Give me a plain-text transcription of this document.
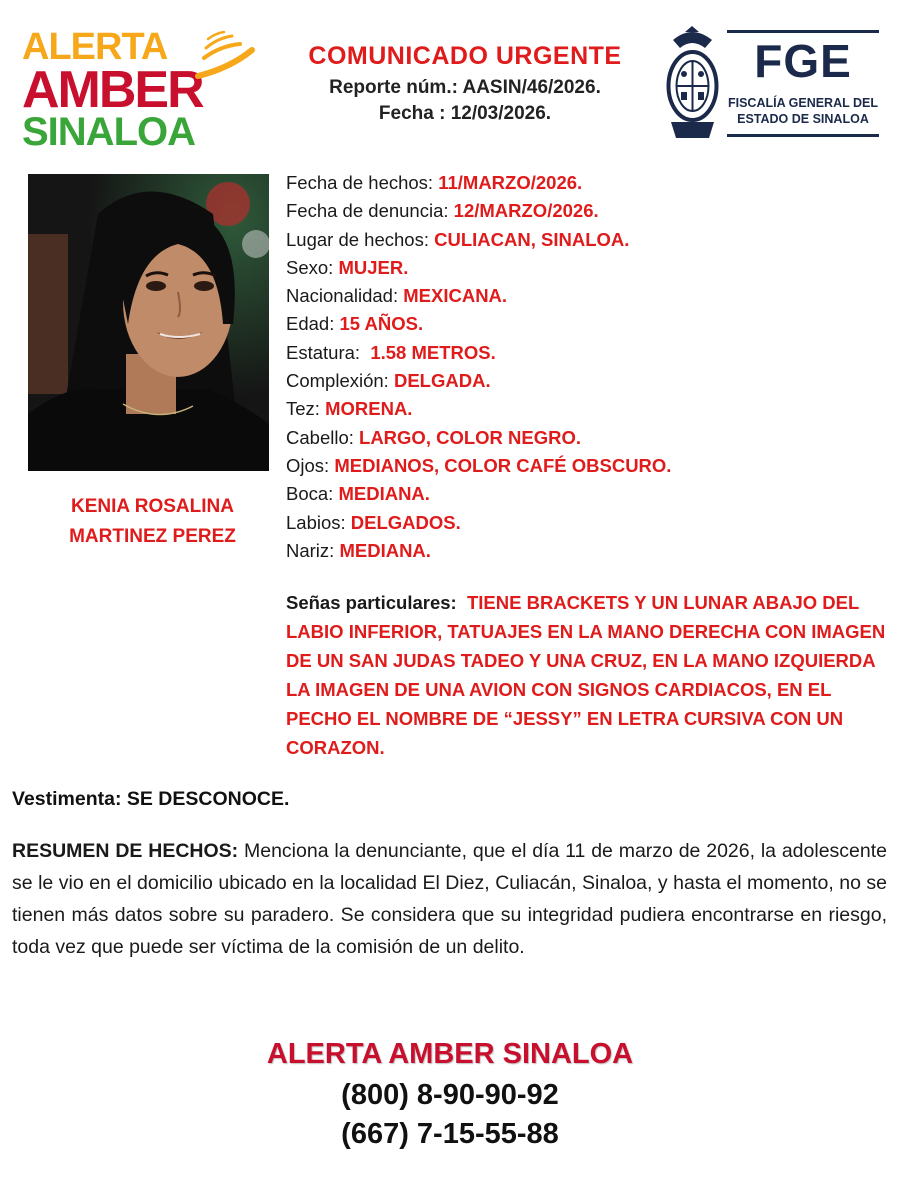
ALERTA
AMBER
SINALOA
COMUNICADO URGENTE
Reporte núm.: AASIN/46/2026.
Fecha : 12/03/2026.
FGE
FISCALÍA GENERAL DEL
ESTADO DE SINALOA
KENIA ROSALINA
MARTINEZ PEREZ
Fecha de hechos: 11/MARZO/2026.
Fecha de denuncia: 12/MARZO/2026.
Lugar de hechos: CULIACAN, SINALOA.
Sexo: MUJER.
Nacionalidad: MEXICANA.
Edad: 15 AÑOS.
Estatura:  1.58 METROS.
Complexión: DELGADA.
Tez: MORENA.
Cabello: LARGO, COLOR NEGRO.
Ojos: MEDIANOS, COLOR CAFÉ OBSCURO.
Boca: MEDIANA.
Labios: DELGADOS.
Nariz: MEDIANA.
Señas particulares: TIENE BRACKETS Y UN LUNAR ABAJO DEL LABIO INFERIOR, TATUAJES EN LA MANO DERECHA CON IMAGEN DE UN SAN JUDAS TADEO Y UNA CRUZ, EN LA MANO IZQUIERDA LA IMAGEN DE UNA AVION CON SIGNOS CARDIACOS, EN EL PECHO EL NOMBRE DE “JESSY” EN LETRA CURSIVA CON UN CORAZON.
Vestimenta: SE DESCONOCE.
RESUMEN DE HECHOS: Menciona la denunciante, que el día 11 de marzo de 2026, la adolescente se le vio en el domicilio ubicado en la localidad El Diez, Culiacán, Sinaloa, y hasta el momento, no se tienen más datos sobre su paradero. Se considera que su integridad pudiera encontrarse en riesgo, toda vez que puede ser víctima de la comisión de un delito.
ALERTA AMBER SINALOA
(800) 8-90-90-92
(667) 7-15-55-88
